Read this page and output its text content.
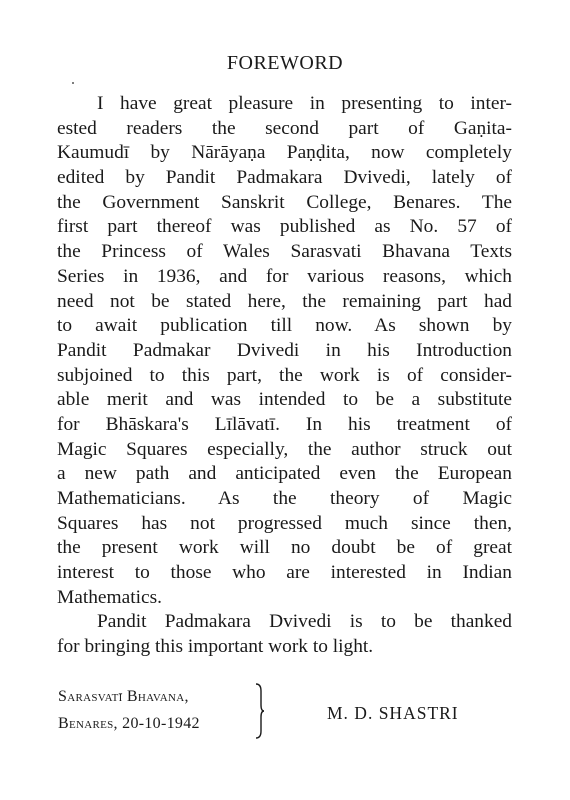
FOREWORD
I have great pleasure in presenting to inter-
ested readers the second part of Gaṇita-
Kaumudī by Nārāyaṇa Paṇḍita, now completely
edited by Pandit Padmakara Dvivedi, lately of
the Government Sanskrit College, Benares. The
first part thereof was published as No. 57 of
the Princess of Wales Sarasvati Bhavana Texts
Series in 1936, and for various reasons, which
need not be stated here, the remaining part had
to await publication till now. As shown by
Pandit Padmakar Dvivedi in his Introduction
subjoined to this part, the work is of consider-
able merit and was intended to be a substitute
for Bhāskara's Līlāvatī. In his treatment of
Magic Squares especially, the author struck out
a new path and anticipated even the European
Mathematicians. As the theory of Magic
Squares has not progressed much since then,
the present work will no doubt be of great
interest to those who are interested in Indian
Mathematics.
Pandit Padmakara Dvivedi is to be thanked
for bringing this important work to light.
Sarasvatī Bhavana,
Benares, 20-10-1942
M. D. SHASTRI
